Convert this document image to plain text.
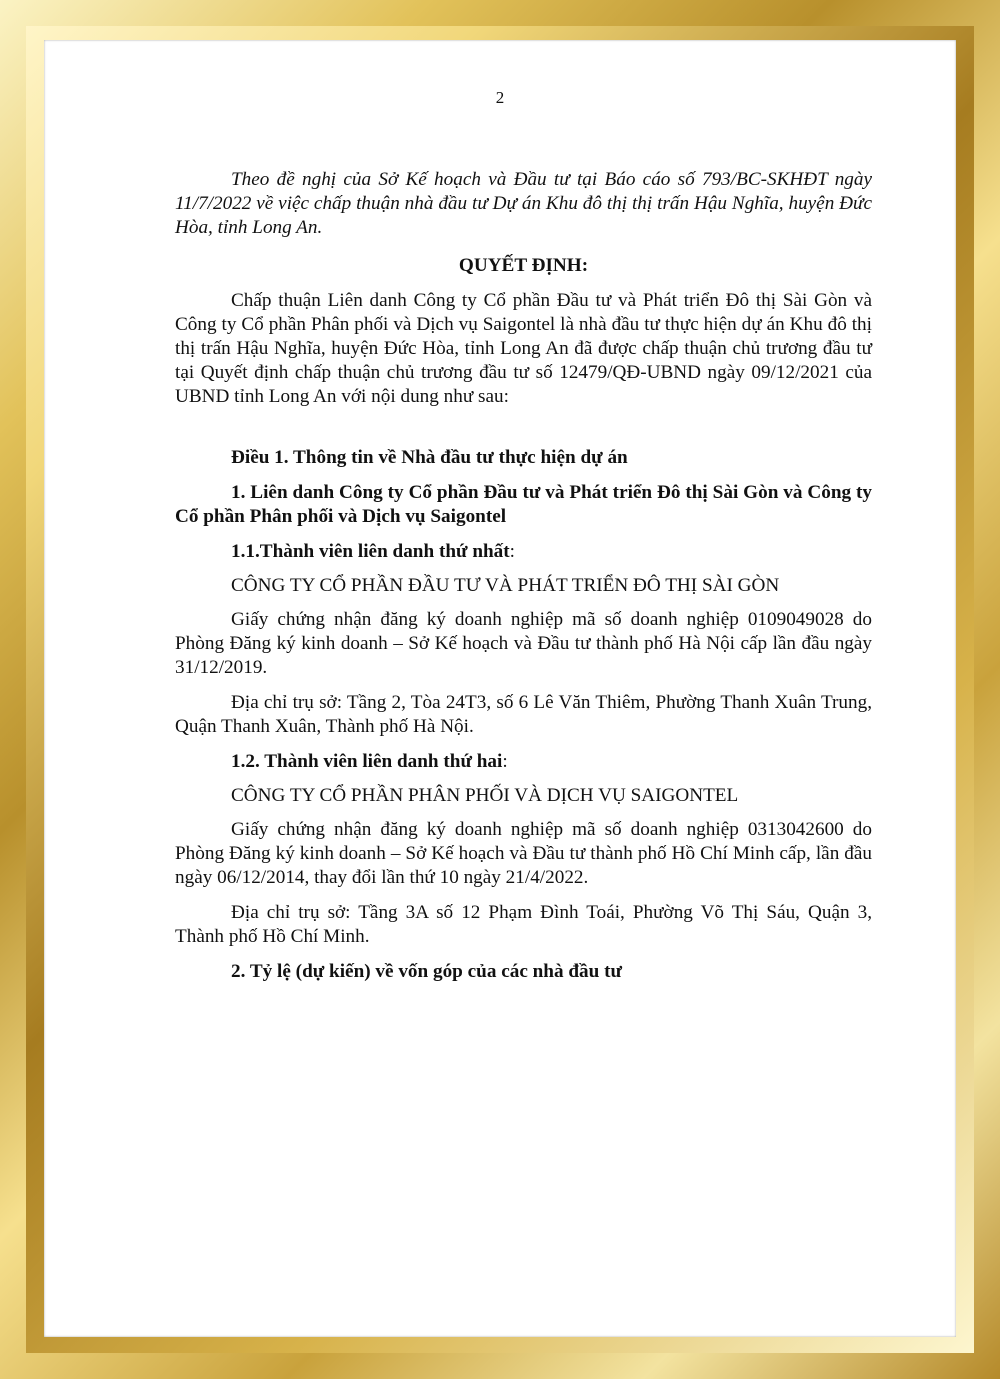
2

Theo đề nghị của Sở Kế hoạch và Đầu tư tại Báo cáo số 793/BC-SKHĐT ngày 11/7/2022 về việc chấp thuận nhà đầu tư Dự án Khu đô thị thị trấn Hậu Nghĩa, huyện Đức Hòa, tỉnh Long An.

QUYẾT ĐỊNH:

Chấp thuận Liên danh Công ty Cổ phần Đầu tư và Phát triển Đô thị Sài Gòn và Công ty Cổ phần Phân phối và Dịch vụ Saigontel là nhà đầu tư thực hiện dự án Khu đô thị thị trấn Hậu Nghĩa, huyện Đức Hòa, tỉnh Long An đã được chấp thuận chủ trương đầu tư tại Quyết định chấp thuận chủ trương đầu tư số 12479/QĐ-UBND ngày 09/12/2021 của UBND tỉnh Long An với nội dung như sau:

Điều 1. Thông tin về Nhà đầu tư thực hiện dự án

1. Liên danh Công ty Cổ phần Đầu tư và Phát triển Đô thị Sài Gòn và Công ty Cổ phần Phân phối và Dịch vụ Saigontel

1.1.Thành viên liên danh thứ nhất:

CÔNG TY CỔ PHẦN ĐẦU TƯ VÀ PHÁT TRIỂN ĐÔ THỊ SÀI GÒN

Giấy chứng nhận đăng ký doanh nghiệp mã số doanh nghiệp 0109049028 do Phòng Đăng ký kinh doanh – Sở Kế hoạch và Đầu tư thành phố Hà Nội cấp lần đầu ngày 31/12/2019.

Địa chỉ trụ sở: Tầng 2, Tòa 24T3, số 6 Lê Văn Thiêm, Phường Thanh Xuân Trung, Quận Thanh Xuân, Thành phố Hà Nội.

1.2. Thành viên liên danh thứ hai:

CÔNG TY CỔ PHẦN PHÂN PHỐI VÀ DỊCH VỤ SAIGONTEL

Giấy chứng nhận đăng ký doanh nghiệp mã số doanh nghiệp 0313042600 do Phòng Đăng ký kinh doanh – Sở Kế hoạch và Đầu tư thành phố Hồ Chí Minh cấp, lần đầu ngày 06/12/2014, thay đổi lần thứ 10 ngày 21/4/2022.

Địa chỉ trụ sở: Tầng 3A số 12 Phạm Đình Toái, Phường Võ Thị Sáu, Quận 3, Thành phố Hồ Chí Minh.

2. Tỷ lệ (dự kiến) về vốn góp của các nhà đầu tư
